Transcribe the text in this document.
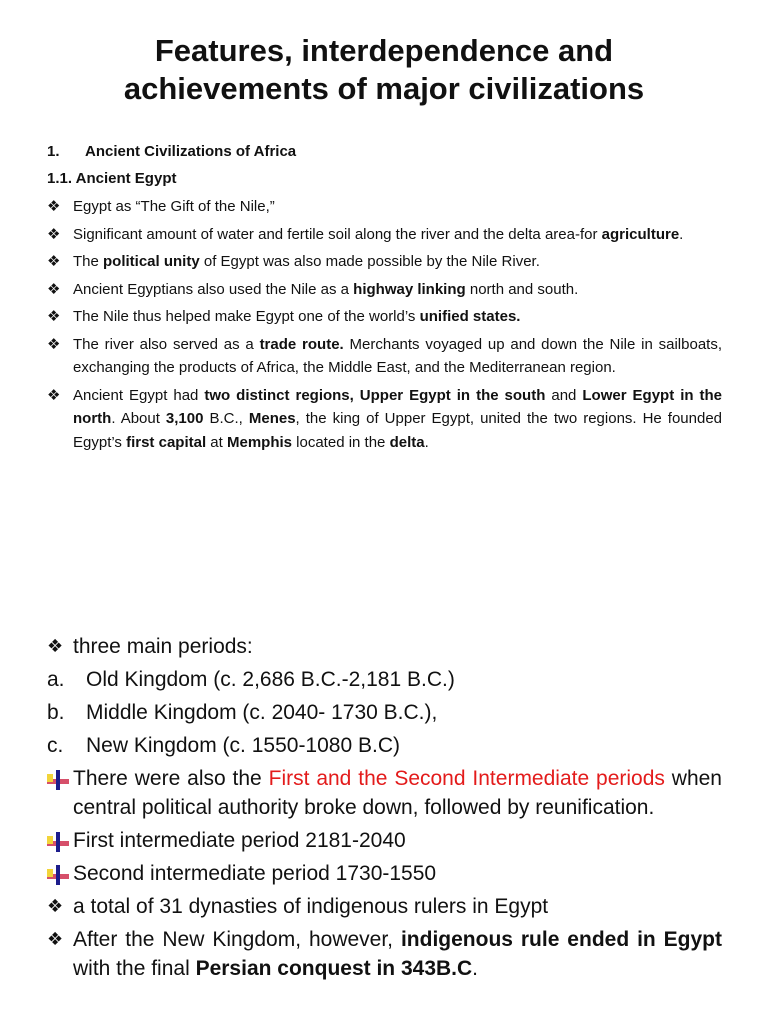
Features, interdependence and
achievements of major civilizations
1. Ancient Civilizations of Africa
1.1. Ancient Egypt
❖ Egypt as “The Gift of the Nile,”
❖ Significant amount of water and fertile soil along the river and the delta area-for agriculture.
❖ The political unity of Egypt was also made possible by the Nile River.
❖ Ancient Egyptians also used the Nile as a highway linking north and south.
❖ The Nile thus helped make Egypt one of the world’s unified states.
❖ The river also served as a trade route. Merchants voyaged up and down the Nile in sailboats, exchanging the products of Africa, the Middle East, and the Mediterranean region.
❖ Ancient Egypt had two distinct regions, Upper Egypt in the south and Lower Egypt in the north. About 3,100 B.C., Menes, the king of Upper Egypt, united the two regions. He founded Egypt’s first capital at Memphis located in the delta.
❖ three main periods:
a. Old Kingdom (c. 2,686 B.C.-2,181 B.C.)
b. Middle Kingdom (c. 2040- 1730 B.C.),
c. New Kingdom (c. 1550-1080 B.C)
There were also the First and the Second Intermediate periods when central political authority broke down, followed by reunification.
First intermediate period 2181-2040
Second intermediate period 1730-1550
❖ a total of 31 dynasties of indigenous rulers in Egypt
❖ After the New Kingdom, however, indigenous rule ended in Egypt with the final Persian conquest in 343B.C.
